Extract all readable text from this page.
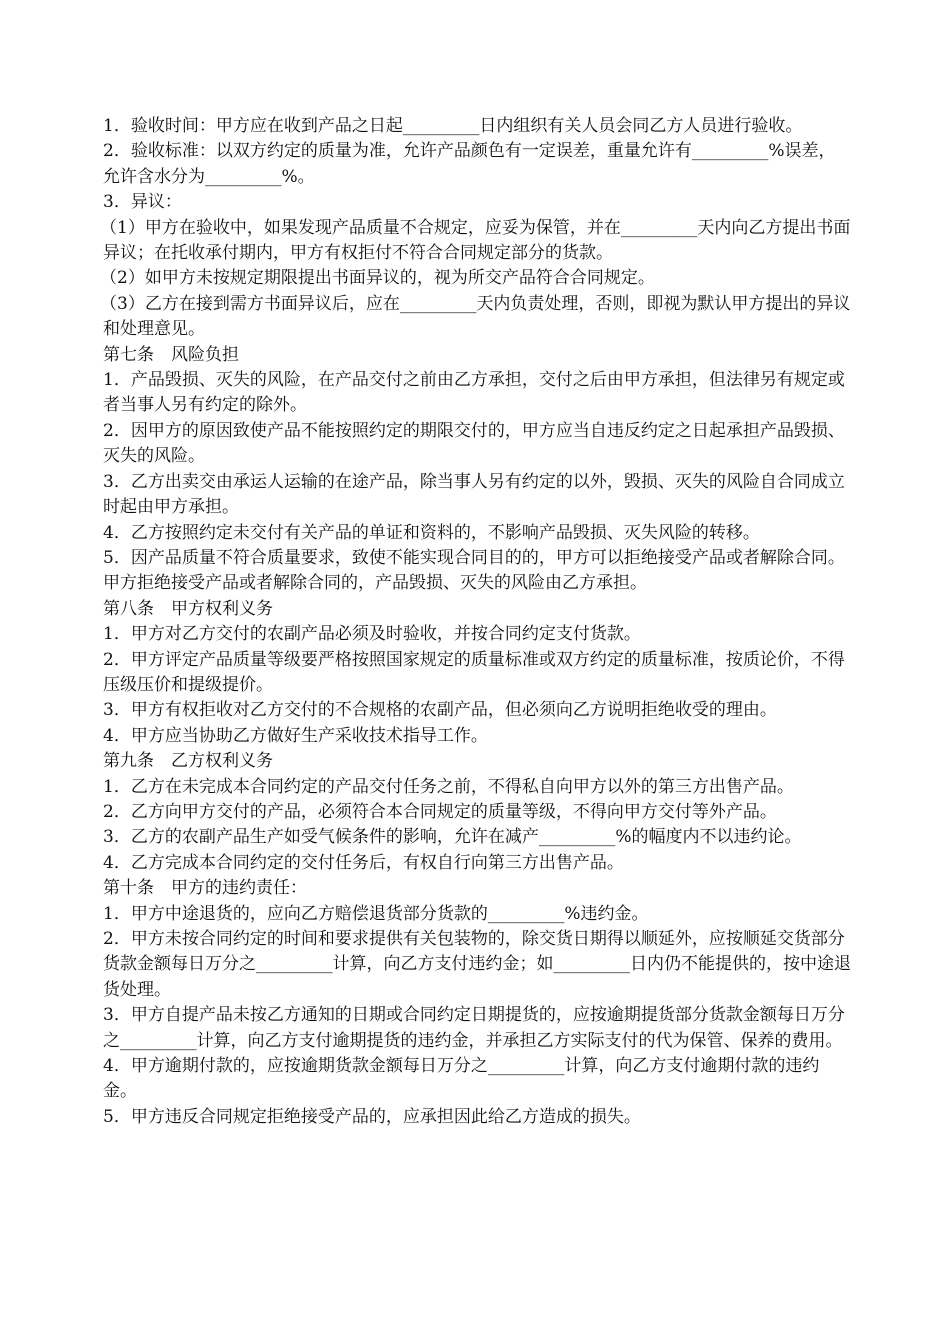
1．验收时间：甲方应在收到产品之日起_________日内组织有关人员会同乙方人员进行验收。

2．验收标准：以双方约定的质量为准，允许产品颜色有一定误差，重量允许有_________%误差，允许含水分为_________%。

3．异议：

（1）甲方在验收中，如果发现产品质量不合规定，应妥为保管，并在_________天内向乙方提出书面异议；在托收承付期内，甲方有权拒付不符合合同规定部分的货款。

（2）如甲方未按规定期限提出书面异议的，视为所交产品符合合同规定。

（3）乙方在接到需方书面异议后，应在_________天内负责处理，否则，即视为默认甲方提出的异议和处理意见。

第七条　风险负担

1．产品毁损、灭失的风险，在产品交付之前由乙方承担，交付之后由甲方承担，但法律另有规定或者当事人另有约定的除外。

2．因甲方的原因致使产品不能按照约定的期限交付的，甲方应当自违反约定之日起承担产品毁损、灭失的风险。

3．乙方出卖交由承运人运输的在途产品，除当事人另有约定的以外，毁损、灭失的风险自合同成立时起由甲方承担。

4．乙方按照约定未交付有关产品的单证和资料的，不影响产品毁损、灭失风险的转移。

5．因产品质量不符合质量要求，致使不能实现合同目的的，甲方可以拒绝接受产品或者解除合同。甲方拒绝接受产品或者解除合同的，产品毁损、灭失的风险由乙方承担。

第八条　甲方权利义务

1．甲方对乙方交付的农副产品必须及时验收，并按合同约定支付货款。

2．甲方评定产品质量等级要严格按照国家规定的质量标准或双方约定的质量标准，按质论价，不得压级压价和提级提价。

3．甲方有权拒收对乙方交付的不合规格的农副产品，但必须向乙方说明拒绝收受的理由。

4．甲方应当协助乙方做好生产采收技术指导工作。

第九条　乙方权利义务

1．乙方在未完成本合同约定的产品交付任务之前，不得私自向甲方以外的第三方出售产品。

2．乙方向甲方交付的产品，必须符合本合同规定的质量等级，不得向甲方交付等外产品。

3．乙方的农副产品生产如受气候条件的影响，允许在减产_________%的幅度内不以违约论。

4．乙方完成本合同约定的交付任务后，有权自行向第三方出售产品。

第十条　甲方的违约责任：

1．甲方中途退货的，应向乙方赔偿退货部分货款的_________%违约金。

2．甲方未按合同约定的时间和要求提供有关包装物的，除交货日期得以顺延外，应按顺延交货部分货款金额每日万分之_________计算，向乙方支付违约金；如_________日内仍不能提供的，按中途退货处理。

3．甲方自提产品未按乙方通知的日期或合同约定日期提货的，应按逾期提货部分货款金额每日万分之_________计算，向乙方支付逾期提货的违约金，并承担乙方实际支付的代为保管、保养的费用。

4．甲方逾期付款的，应按逾期货款金额每日万分之_________计算，向乙方支付逾期付款的违约金。

5．甲方违反合同规定拒绝接受产品的，应承担因此给乙方造成的损失。
